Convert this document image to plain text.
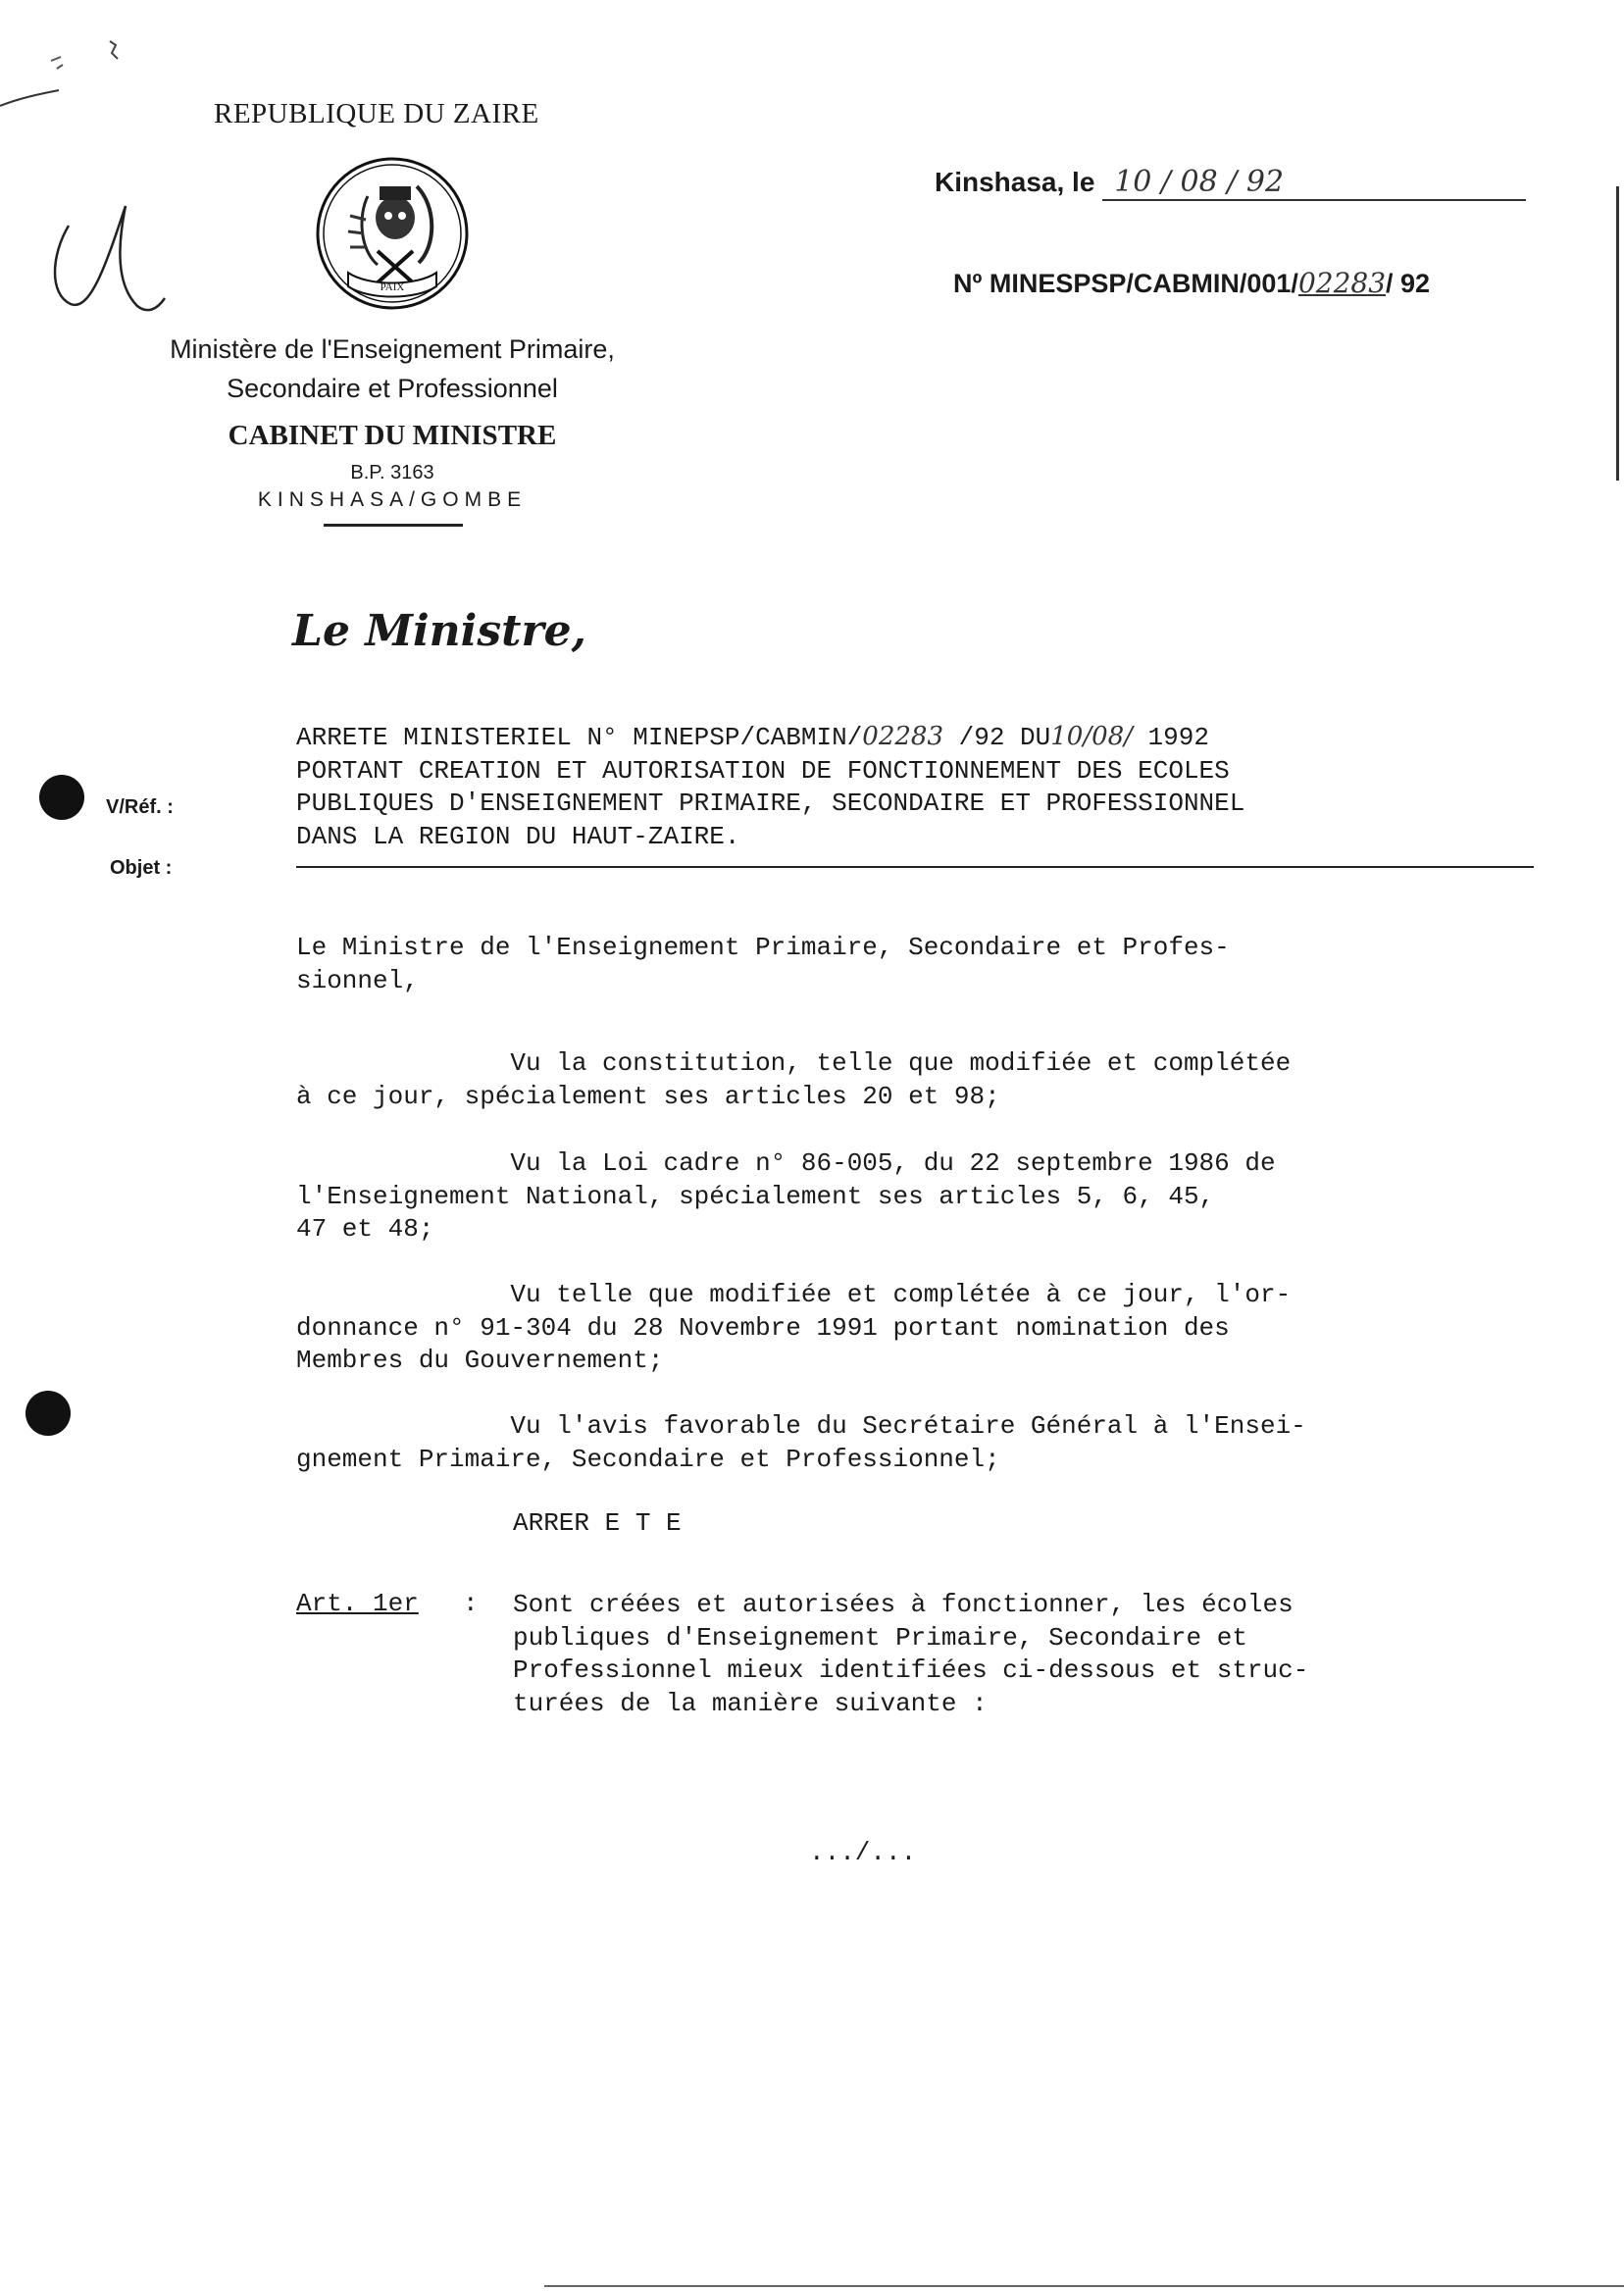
REPUBLIQUE DU ZAIRE
PAIX
Ministère de l'Enseignement Primaire,
Secondaire et Professionnel
CABINET DU MINISTRE
B.P. 3163
KINSHASA/GOMBE
Kinshasa, le 10 / 08 / 92
Nº MINESPSP/CABMIN/001/02283/ 92
Le Ministre,
V/Réf. :
Objet :
ARRETE MINISTERIEL N° MINEPSP/CABMIN/02283 /92 DU10/08/ 1992
PORTANT CREATION ET AUTORISATION DE FONCTIONNEMENT DES ECOLES
PUBLIQUES D'ENSEIGNEMENT PRIMAIRE, SECONDAIRE ET PROFESSIONNEL
DANS LA REGION DU HAUT-ZAIRE.
Le Ministre de l'Enseignement Primaire, Secondaire et Profes-
sionnel,
Vu la constitution, telle que modifiée et complétée
à ce jour, spécialement ses articles 20 et 98;
Vu la Loi cadre n° 86-005, du 22 septembre 1986 de
l'Enseignement National, spécialement ses articles 5, 6, 45,
47 et 48;
Vu telle que modifiée et complétée à ce jour, l'or-
donnance n° 91-304 du 28 Novembre 1991 portant nomination des
Membres du Gouvernement;
Vu l'avis favorable du Secrétaire Général à l'Ensei-
gnement Primaire, Secondaire et Professionnel;
ARRER E T E
Art. 1er : Sont créées et autorisées à fonctionner, les écoles
publiques d'Enseignement Primaire, Secondaire et
Professionnel mieux identifiées ci-dessous et struc-
turées de la manière suivante :
.../...
